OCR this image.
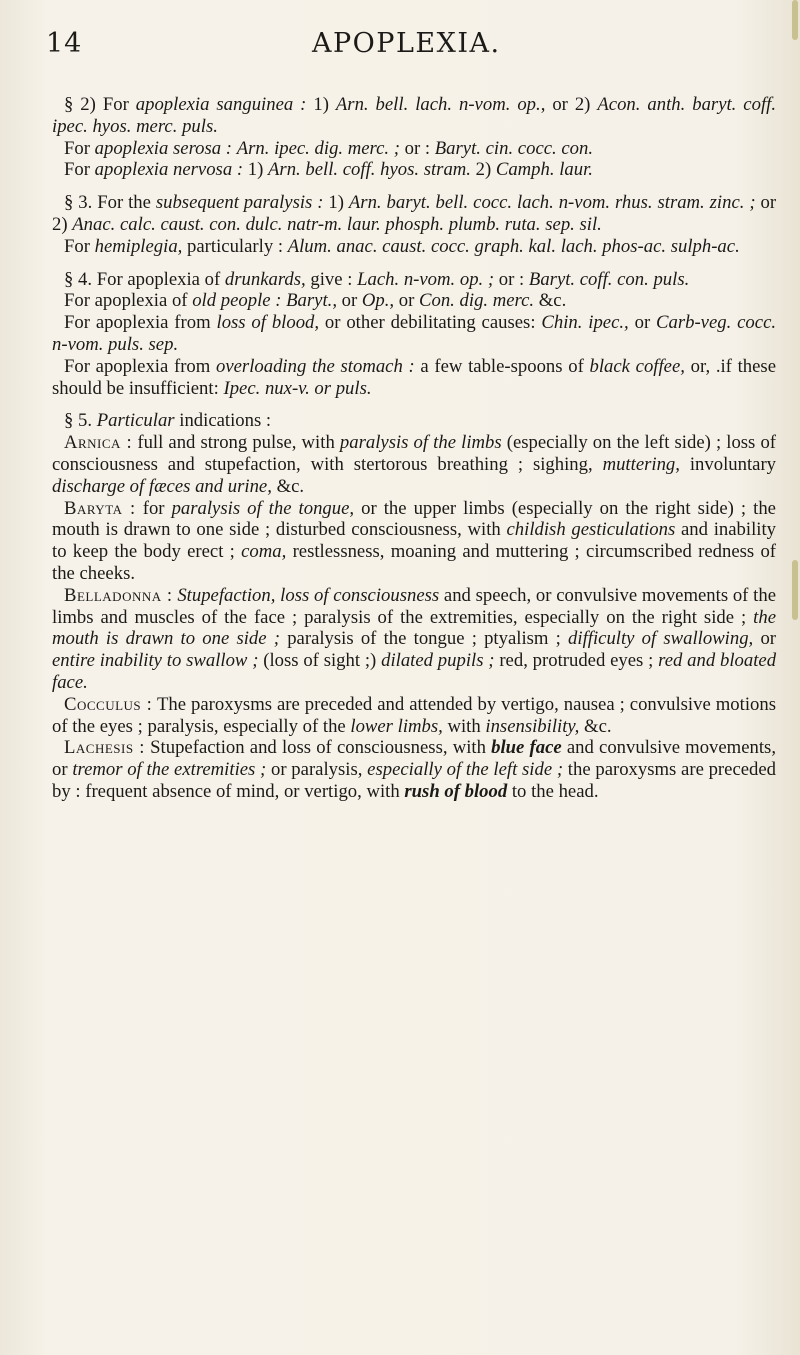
14	APOPLEXIA.

§ 2) For apoplexia sanguinea : 1) Arn. bell. lach. n-vom. op., or 2) Acon. anth. baryt. coff. ipec. hyos. merc. puls.

For apoplexia serosa : Arn. ipec. dig. merc. ; or : Baryt. cin. cocc. con.

For apoplexia nervosa : 1) Arn. bell. coff. hyos. stram. 2) Camph. laur.

§ 3. For the subsequent paralysis : 1) Arn. baryt. bell. cocc. lach. n-vom. rhus. stram. zinc. ; or 2) Anac. calc. caust. con. dulc. natr-m. laur. phosph. plumb. ruta. sep. sil.

For hemiplegia, particularly : Alum. anac. caust. cocc. graph. kal. lach. phos-ac. sulph-ac.

§ 4. For apoplexia of drunkards, give : Lach. n-vom. op. ; or : Baryt. coff. con. puls.

For apoplexia of old people : Baryt., or Op., or Con. dig. merc. &c.

For apoplexia from loss of blood, or other debilitating causes: Chin. ipec., or Carb-veg. cocc. n-vom. puls. sep.

For apoplexia from overloading the stomach : a few table-spoons of black coffee, or, .if these should be insufficient: Ipec. nux-v. or puls.

§ 5. Particular indications :

Arnica : full and strong pulse, with paralysis of the limbs (especially on the left side) ; loss of consciousness and stupefaction, with stertorous breathing ; sighing, muttering, involuntary discharge of fæces and urine, &c.

Baryta : for paralysis of the tongue, or the upper limbs (especially on the right side) ; the mouth is drawn to one side ; disturbed consciousness, with childish gesticulations and inability to keep the body erect ; coma, restlessness, moaning and muttering ; circumscribed redness of the cheeks.

Belladonna : Stupefaction, loss of consciousness and speech, or convulsive movements of the limbs and muscles of the face ; paralysis of the extremities, especially on the right side ; the mouth is drawn to one side ; paralysis of the tongue ; ptyalism ; difficulty of swallowing, or entire inability to swallow ; (loss of sight ;) dilated pupils ; red, protruded eyes ; red and bloated face.

Cocculus : The paroxysms are preceded and attended by vertigo, nausea ; convulsive motions of the eyes ; paralysis, especially of the lower limbs, with insensibility, &c.

Lachesis : Stupefaction and loss of consciousness, with blue face and convulsive movements, or tremor of the extremities ; or paralysis, especially of the left side ; the paroxysms are preceded by : frequent absence of mind, or vertigo, with rush of blood to the head.
